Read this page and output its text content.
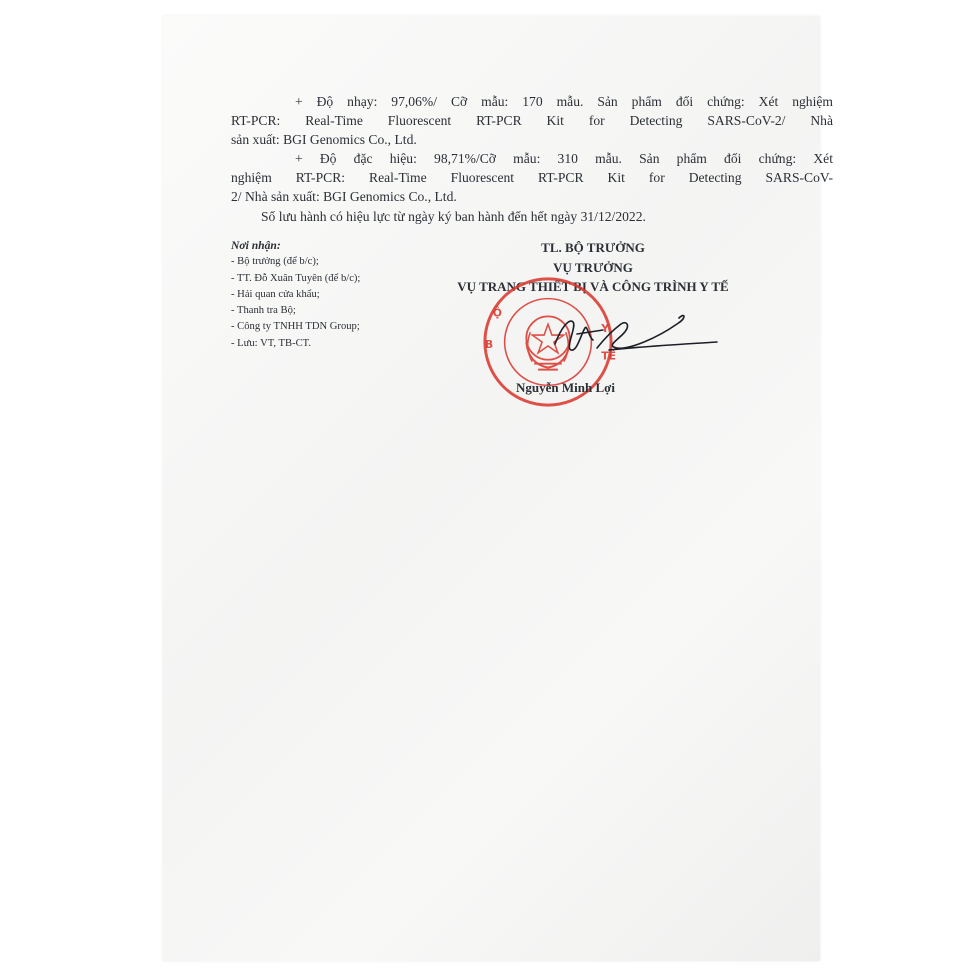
+ Độ nhạy: 97,06%/ Cỡ mẫu: 170 mẫu. Sản phẩm đối chứng: Xét nghiệm
RT-PCR: Real-Time Fluorescent RT-PCR Kit for Detecting SARS-CoV-2/ Nhà
sản xuất: BGI Genomics Co., Ltd.

+ Độ đặc hiệu: 98,71%/Cỡ mẫu: 310 mẫu. Sản phẩm đối chứng: Xét
nghiệm RT-PCR: Real-Time Fluorescent RT-PCR Kit for Detecting SARS-CoV-
2/ Nhà sản xuất: BGI Genomics Co., Ltd.

Số lưu hành có hiệu lực từ ngày ký ban hành đến hết ngày 31/12/2022.

Nơi nhận:
- Bộ trưởng (để b/c);
- TT. Đỗ Xuân Tuyên (để b/c);
- Hải quan cửa khẩu;
- Thanh tra Bộ;
- Công ty TNHH TDN Group;
- Lưu: VT, TB-CT.
TL. BỘ TRƯỞNG
VỤ TRƯỞNG
VỤ TRANG THIẾT BỊ VÀ CÔNG TRÌNH Y TẾ
B
Ộ
Y
TẾ
Nguyễn Minh Lợi
